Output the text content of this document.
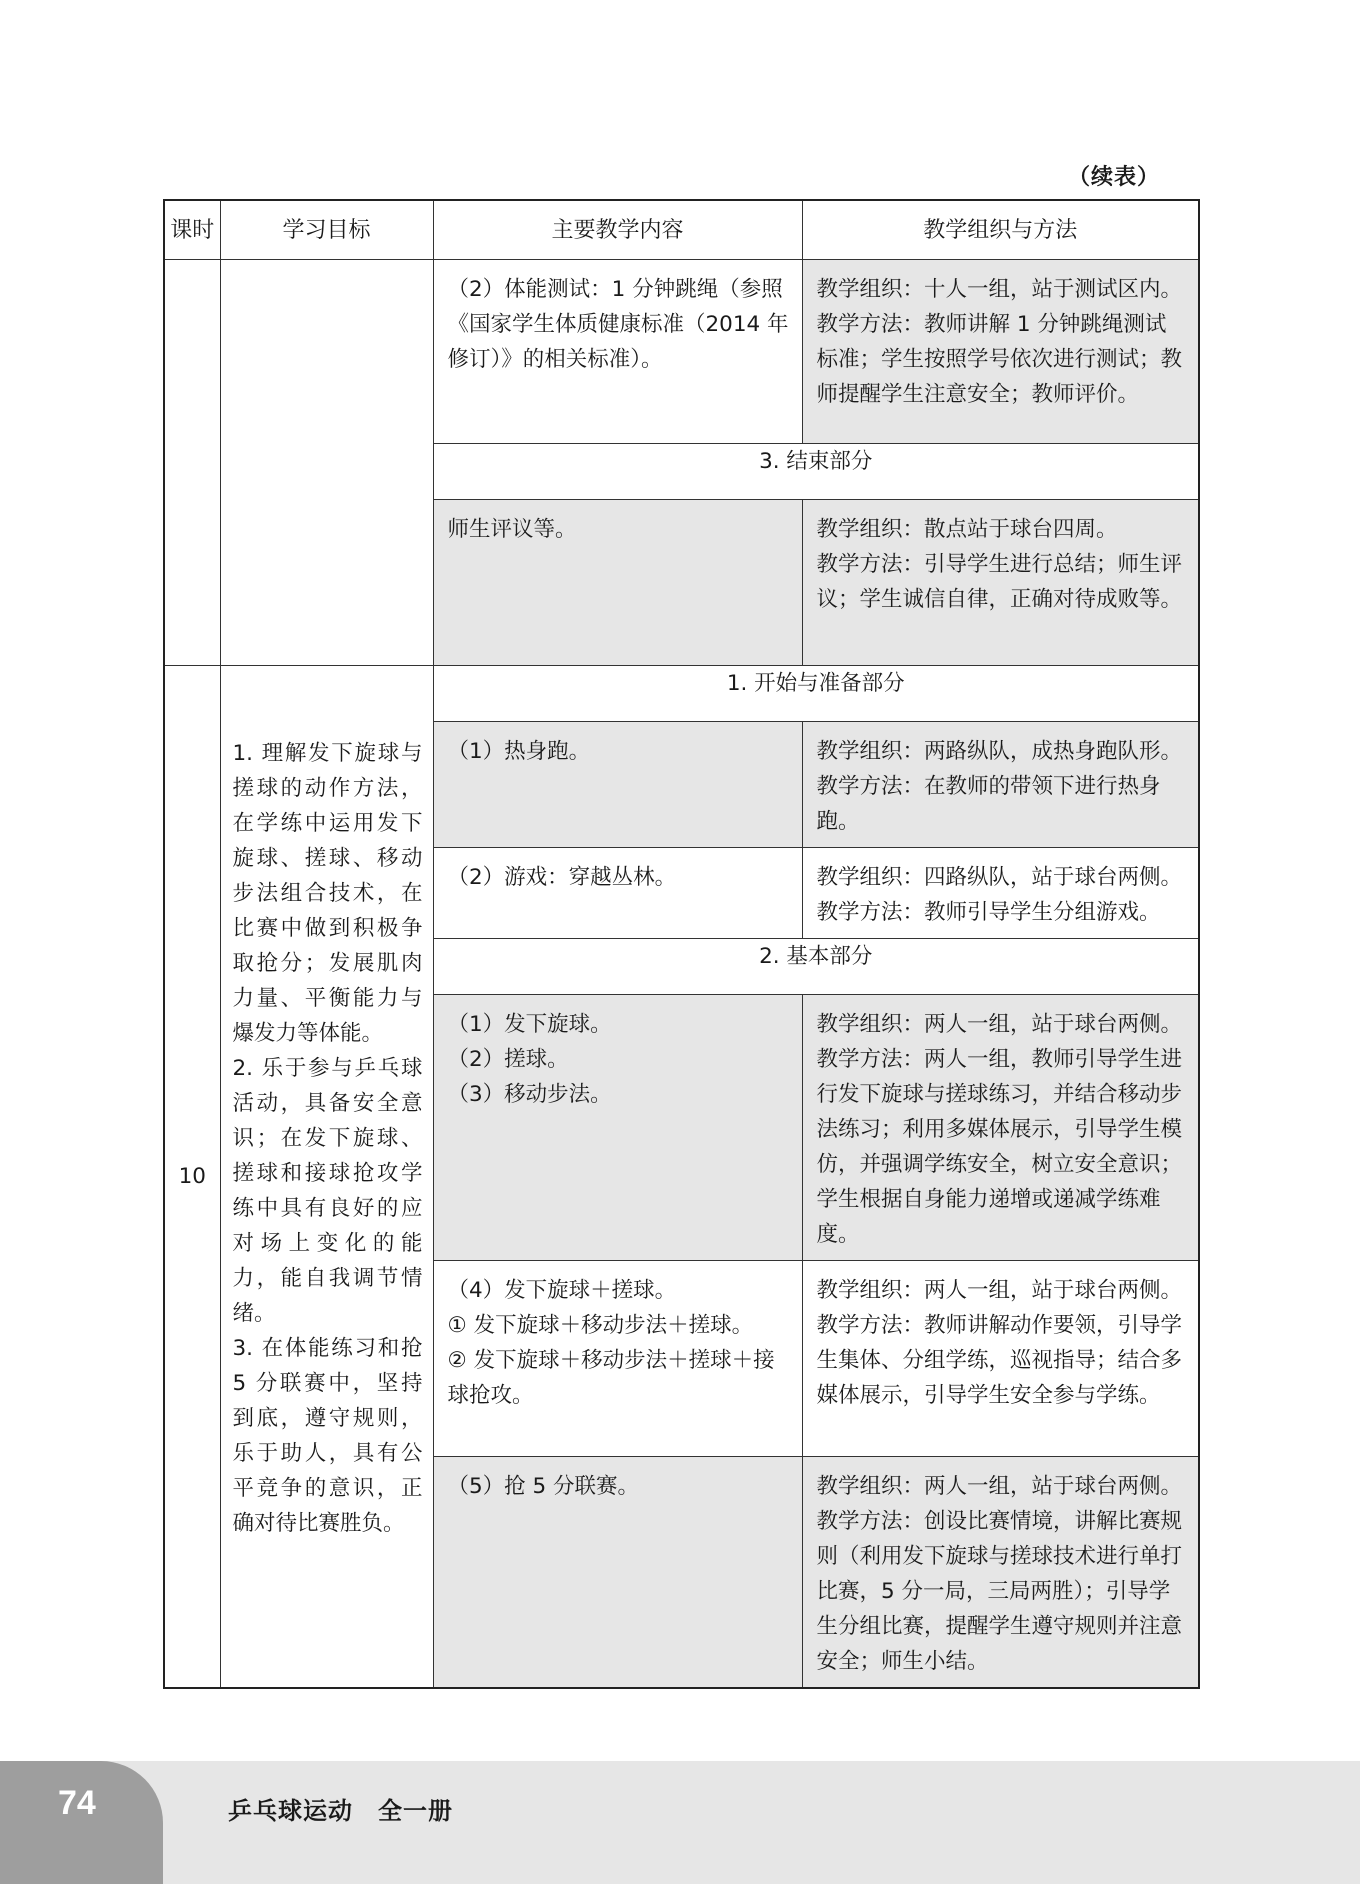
（续表）
课时	学习目标	主要教学内容	教学组织与方法

		（2）体能测试：1 分钟跳绳（参照《国家学生体质健康标准（2014 年修订）》的相关标准）。	教学组织：十人一组，站于测试区内。
教学方法：教师讲解 1 分钟跳绳测试标准；学生按照学号依次进行测试；教师提醒学生注意安全；教师评价。

		3. 结束部分	

		师生评议等。	教学组织：散点站于球台四周。
教学方法：引导学生进行总结；师生评议；学生诚信自律，正确对待成败等。

10	1. 理解发下旋球与搓球的动作方法，在学练中运用发下旋球、搓球、移动步法组合技术，在比赛中做到积极争取抢分；发展肌肉力量、平衡能力与爆发力等体能。
2. 乐于参与乒乓球活动，具备安全意识；在发下旋球、搓球和接球抢攻学练中具有良好的应对场上变化的能力，能自我调节情绪。
3. 在体能练习和抢 5 分联赛中，坚持到底，遵守规则，乐于助人，具有公平竞争的意识，正确对待比赛胜负。	1. 开始与准备部分	

		（1）热身跑。	教学组织：两路纵队，成热身跑队形。
教学方法：在教师的带领下进行热身跑。

		（2）游戏：穿越丛林。	教学组织：四路纵队，站于球台两侧。
教学方法：教师引导学生分组游戏。

		2. 基本部分	

		（1）发下旋球。
（2）搓球。
（3）移动步法。	教学组织：两人一组，站于球台两侧。
教学方法：两人一组，教师引导学生进行发下旋球与搓球练习，并结合移动步法练习；利用多媒体展示，引导学生模仿，并强调学练安全，树立安全意识；学生根据自身能力递增或递减学练难度。

		（4）发下旋球＋搓球。
① 发下旋球＋移动步法＋搓球。
② 发下旋球＋移动步法＋搓球＋接球抢攻。	教学组织：两人一组，站于球台两侧。
教学方法：教师讲解动作要领，引导学生集体、分组学练，巡视指导；结合多媒体展示，引导学生安全参与学练。

		（5）抢 5 分联赛。	教学组织：两人一组，站于球台两侧。
教学方法：创设比赛情境，讲解比赛规则（利用发下旋球与搓球技术进行单打比赛，5 分一局，三局两胜）；引导学生分组比赛，提醒学生遵守规则并注意安全；师生小结。
74	乒乓球运动　全一册
